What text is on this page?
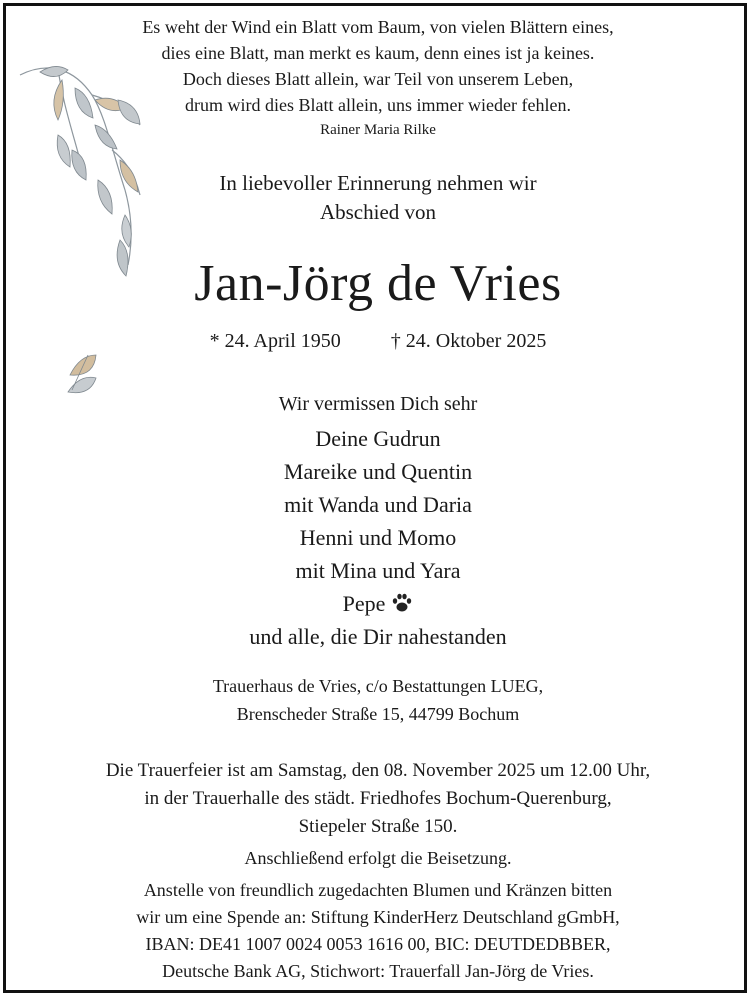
Es weht der Wind ein Blatt vom Baum, von vielen Blättern eines,
dies eine Blatt, man merkt es kaum, denn eines ist ja keines.
Doch dieses Blatt allein, war Teil von unserem Leben,
drum wird dies Blatt allein, uns immer wieder fehlen.
Rainer Maria Rilke
In liebevoller Erinnerung nehmen wir
Abschied von
Jan-Jörg de Vries
* 24. April 1950	† 24. Oktober 2025
Wir vermissen Dich sehr
Deine Gudrun
Mareike und Quentin
mit Wanda und Daria
Henni und Momo
mit Mina und Yara
Pepe
und alle, die Dir nahestanden
Trauerhaus de Vries, c/o Bestattungen LUEG,
Brenscheder Straße 15, 44799 Bochum
Die Trauerfeier ist am Samstag, den 08. November 2025 um 12.00 Uhr,
in der Trauerhalle des städt. Friedhofes Bochum-Querenburg,
Stiepeler Straße 150.
Anschließend erfolgt die Beisetzung.
Anstelle von freundlich zugedachten Blumen und Kränzen bitten
wir um eine Spende an: Stiftung KinderHerz Deutschland gGmbH,
IBAN: DE41 1007 0024 0053 1616 00, BIC: DEUTDEDBBER,
Deutsche Bank AG, Stichwort: Trauerfall Jan-Jörg de Vries.
